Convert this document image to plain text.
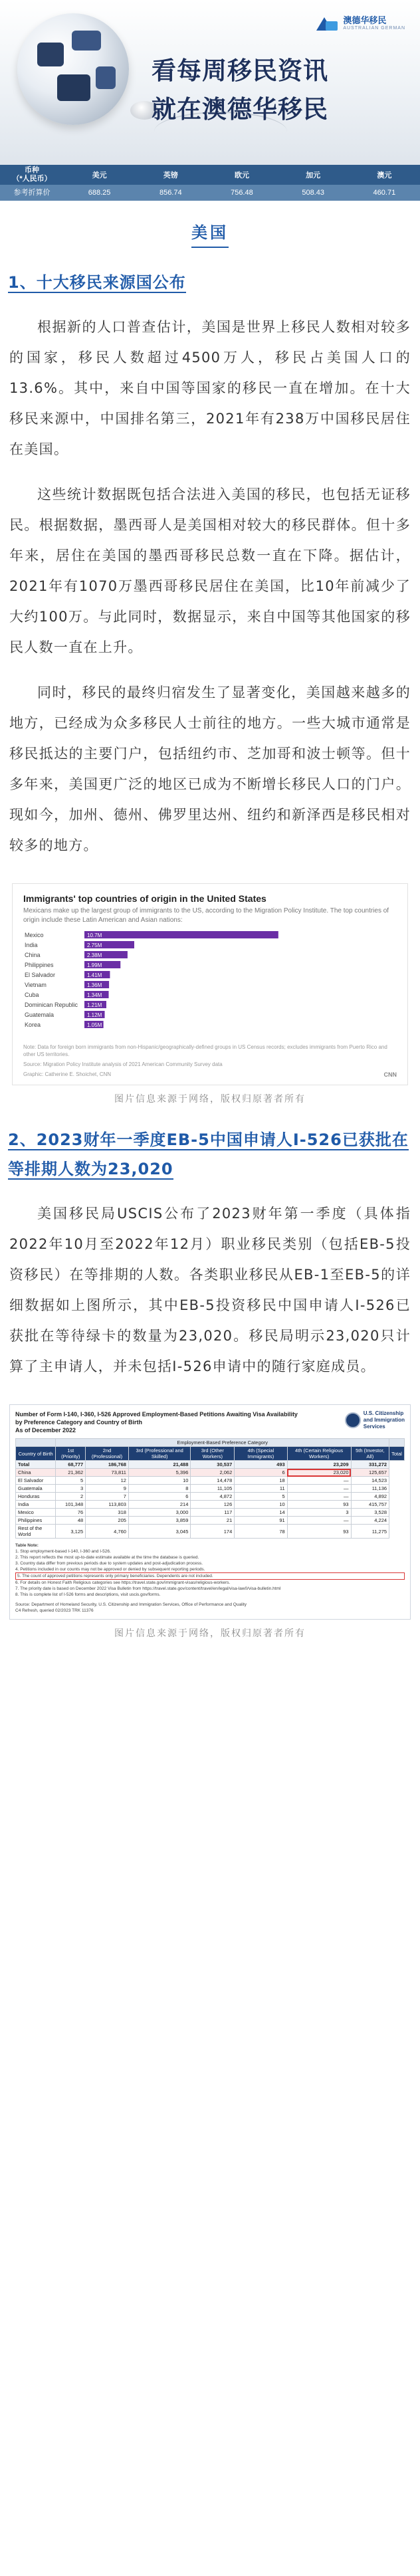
澳德华移民
AUSTRALIAN GERMAN
看每周移民资讯
就在澳德华移民
币种
（*人民币）	美元	英镑	欧元	加元	澳元
参考折算价	688.25	856.74	756.48	508.43	460.71
美国
1、十大移民来源国公布

根据新的人口普查估计，美国是世界上移民人数相对较多的国家，移民人数超过4500万人，移民占美国人口的13.6%。其中，来自中国等国家的移民一直在增加。在十大移民来源中，中国排名第三，2021年有238万中国移民居住在美国。

这些统计数据既包括合法进入美国的移民，也包括无证移民。根据数据，墨西哥人是美国相对较大的移民群体。但十多年来，居住在美国的墨西哥移民总数一直在下降。据估计，2021年有1070万墨西哥移民居住在美国，比10年前减少了大约100万。与此同时，数据显示，来自中国等其他国家的移民人数一直在上升。

同时，移民的最终归宿发生了显著变化，美国越来越多的地方，已经成为众多移民人士前往的地方。一些大城市通常是移民抵达的主要门户，包括纽约市、芝加哥和波士顿等。但十多年来，美国更广泛的地区已成为不断增长移民人口的门户。现如今，加州、德州、佛罗里达州、纽约和新泽西是移民相对较多的地方。

Immigrants' top countries of origin in the United States
Mexicans make up the largest group of immigrants to the US, according to the Migration Policy Institute. The top countries of origin include these Latin American and Asian nations:
Mexico	10.7M
India	2.75M
China	2.38M
Philippines	1.99M
El Salvador	1.41M
Vietnam	1.36M
Cuba	1.34M
Dominican Republic 1.21M
Guatemala	1.12M
Korea	1.05M
Note: Data for foreign born immigrants from non-Hispanic/geographically-defined groups in US Census records; excludes immigrants from Puerto Rico and other US territories.
Source: Migration Policy Institute analysis of 2021 American Community Survey data
Graphic: Catherine E. Shoichet, CNN	CNN
图片信息来源于网络，版权归原著者所有
2、2023财年一季度EB-5中国申请人I-526已获批在等排期人数为23,020

美国移民局USCIS公布了2023财年第一季度（具体指2022年10月至2022年12月）职业移民类别（包括EB-5投资移民）在等排期的人数。各类职业移民从EB-1至EB-5的详细数据如上图所示，其中EB-5投资移民中国申请人I-526已获批在等待绿卡的数量为23,020。移民局明示23,020只计算了主申请人，并未包括I-526申请中的随行家庭成员。

Number of Form I-140, I-360, I-526 Approved Employment-Based Petitions Awaiting Visa Availability
by Preference Category and Country of Birth
As of December 2022
U.S. Citizenship
and Immigration
Services
	Employment-Based Preference Category							
Country of Birth	1st (Priority)	2nd (Professional)	3rd (Professional and Skilled)	3rd (Other Workers)	4th (Special Immigrants)	4th (Certain Religious Workers)	5th (Investor, All)	Total
Total	68,777	186,768	21,488	30,537	493	23,209	331,272	
China	21,362	73,811	5,396	2,062	6	23,020	125,657	
El Salvador	5	12	10	14,478	18	—	14,523	
Guatemala	3	9	8	11,105	11	—	11,136	
Honduras	2	7	6	4,872	5	—	4,892	
India	101,348	113,803	214	126	10	93	415,757	
Mexico	76	318	3,000	117	14	3	3,528	
Philippines	48	205	3,859	21	91	—	4,224	
Rest of the World	3,125	4,760	3,045	174	78	93	11,275	
Table Note:
1. Stop employment-based I-140, I-360 and I-526.
2. This report reflects the most up-to-date estimate available at the time the database is queried.
3. Country data differ from previous periods due to system updates and post-adjudication process.
4. Petitions included in our counts may not be approved or denied by subsequent reporting periods.
5. The count of approved petitions represents only primary beneficiaries. Dependents are not included.
6. For details on Honest Faith Religious categories see https://travel.state.gov/immigrant-visas/religious-workers.
7. The priority date is based on December 2022 Visa Bulletin from https://travel.state.gov/content/travel/en/legal/visa-law0/visa-bulletin.html
8. This is complete list of I-526 forms and descriptions, visit uscis.gov/forms.
Source: Department of Homeland Security, U.S. Citizenship and Immigration Services, Office of Performance and Quality
C4 Refresh, queried 02/2023 TRK 11376
图片信息来源于网络，版权归原著者所有
